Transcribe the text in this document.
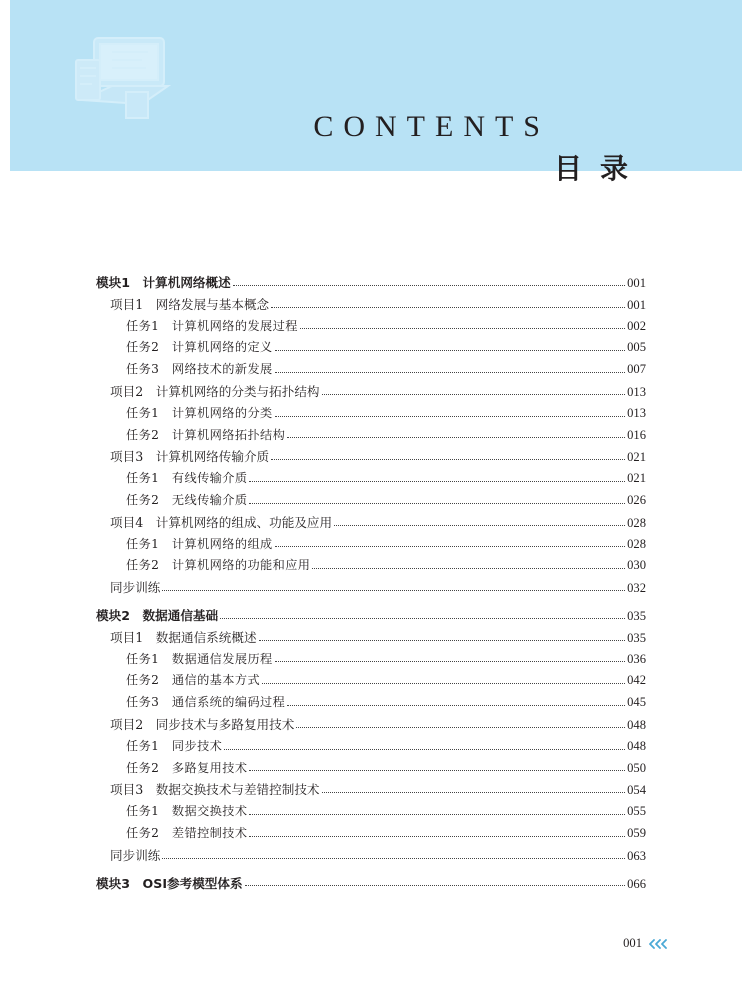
CONTENTS
目录
模块1　计算机网络概述	001
项目1　网络发展与基本概念	001
任务1　计算机网络的发展过程	002
任务2　计算机网络的定义	005
任务3　网络技术的新发展	007
项目2　计算机网络的分类与拓扑结构	013
任务1　计算机网络的分类	013
任务2　计算机网络拓扑结构	016
项目3　计算机网络传输介质	021
任务1　有线传输介质	021
任务2　无线传输介质	026
项目4　计算机网络的组成、功能及应用	028
任务1　计算机网络的组成	028
任务2　计算机网络的功能和应用	030
同步训练	032
模块2　数据通信基础	035
项目1　数据通信系统概述	035
任务1　数据通信发展历程	036
任务2　通信的基本方式	042
任务3　通信系统的编码过程	045
项目2　同步技术与多路复用技术	048
任务1　同步技术	048
任务2　多路复用技术	050
项目3　数据交换技术与差错控制技术	054
任务1　数据交换技术	055
任务2　差错控制技术	059
同步训练	063
模块3　OSI参考模型体系	066
001
